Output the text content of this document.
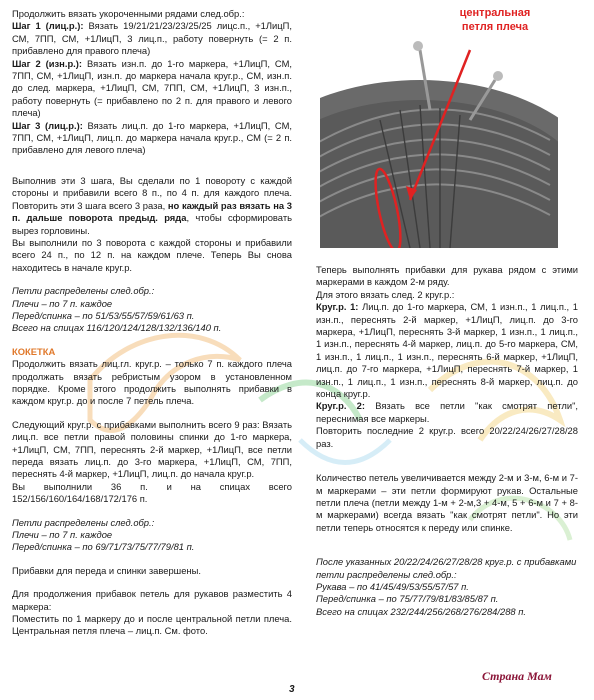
Продолжить вязать укороченными рядами след.обр.:
Шаг 1 (лиц.р.): Вязать 19/21/21/23/23/25/25 лицс.п., +1ЛицП, СМ, 7ПП, СМ, +1ЛицП, 3 лиц.п., работу повернуть (= 2 п. прибавлено для правого плеча)
Шаг 2 (изн.р.): Вязать изн.п. до 1-го маркера, +1ЛицП, СМ, 7ПП, СМ, +1ЛицП, изн.п. до маркера начала круг.р., СМ, изн.п. до след. маркера, +1ЛицП, СМ, 7ПП, СМ, +1ЛицП, 3 изн.п., работу повернуть (= прибавлено по 2 п. для правого и левого плеча)
Шаг 3 (лиц.р.): Вязать лиц.п. до 1-го маркера, +1ЛицП, СМ, 7ПП, СМ, +1ЛицП, лиц.п. до маркера начала круг.р., СМ (= 2 п. прибавлено для левого плеча)

Выполнив эти 3 шага, Вы сделали по 1 повороту с каждой стороны и прибавили всего 8 п., по 4 п. для каждого плеча. Повторить эти 3 шага всего 3 раза, но каждый раз вязать на 3 п. дальше поворота предыд. ряда, чтобы сформировать вырез горловины.
Вы выполнили по 3 поворота с каждой стороны и прибавили всего 24 п., по 12 п. на каждом плече. Теперь Вы снова находитесь в начале круг.р.

Петли распределены след.обр.:
Плечи – по 7 п. каждое
Перед/спинка – по 51/53/55/57/59/61/63 п.
Всего на спицах 116/120/124/128/132/136/140 п.

КОКЕТКА

Продолжить вязать лиц.гл. круг.р. – только 7 п. каждого плеча продолжать вязать ребристым узором в установленном порядке. Кроме этого продолжить выполнять прибавки в каждом круг.р. до и после 7 петель плеча.

Следующий круг.р. с прибавками выполнить всего 9 раз: Вязать лиц.п. все петли правой половины спинки до 1-го маркера, +1ЛицП, СМ, 7ПП, переснять 2-й маркер, +1ЛицП, все петли переда вязать лиц.п. до 3-го маркера, +1ЛицП, СМ, 7ПП, переснять 4-й маркер, +1ЛицП, лиц.п. до начала круг.р.
Вы выполнили 36 п. и на спицах всего 152/156/160/164/168/172/176 п.

Петли распределены след.обр.:
Плечи – по 7 п. каждое
Перед/спинка – по 69/71/73/75/77/79/81 п.

Прибавки для переда и спинки завершены.

Для продолжения прибавок петель для рукавов разместить 4 маркера:
Поместить по 1 маркеру до и после центральной петли плеча. Центральная петля плеча – лиц.п. См. фото.

центральная
петля плеча

Теперь выполнять прибавки для рукава рядом с этими маркерами в каждом 2-м ряду.
Для этого вязать след. 2 круг.р.:

Круг.р. 1: Лиц.п. до 1-го маркера, СМ, 1 изн.п., 1 лиц.п., 1 изн.п., переснять 2-й маркер, +1ЛицП, лиц.п. до 3-го маркера, +1ЛицП, переснять 3-й маркер, 1 изн.п., 1 лиц.п., 1 изн.п., переснять 4-й маркер, лиц.п. до 5-го маркера, СМ, 1 изн.п., 1 лиц.п., 1 изн.п., переснять 6-й маркер, +1ЛицП, лиц.п. до 7-го маркера, +1ЛицП, переснять 7-й маркер, 1 изн.п., 1 лиц.п., 1 изн.п., переснять 8-й маркер, лиц.п. до конца круг.р.

Круг.р. 2: Вязать все петли "как смотрят петли", переснимая все маркеры.

Повторить последние 2 круг.р. всего 20/22/24/26/27/28/28 раз.

Количество петель увеличивается между 2-м и 3-м, 6-м и 7-м маркерами – эти петли формируют рукав. Остальные петли плеча (петли между 1-м + 2-м,3 + 4-м, 5 + 6-м и 7 + 8-м маркерами) всегда вязать "как смотрят петли". Но эти петли теперь относятся к переду или спинке.

После указанных 20/22/24/26/27/28/28 круг.р. с прибавками петли распределены след.обр.:
Рукава – по 41/45/49/53/55/57/57 п.
Перед/спинка – по 75/77/79/81/83/85/87 п.
Всего на спицах 232/244/256/268/276/284/288 п.

3
Страна Мам
